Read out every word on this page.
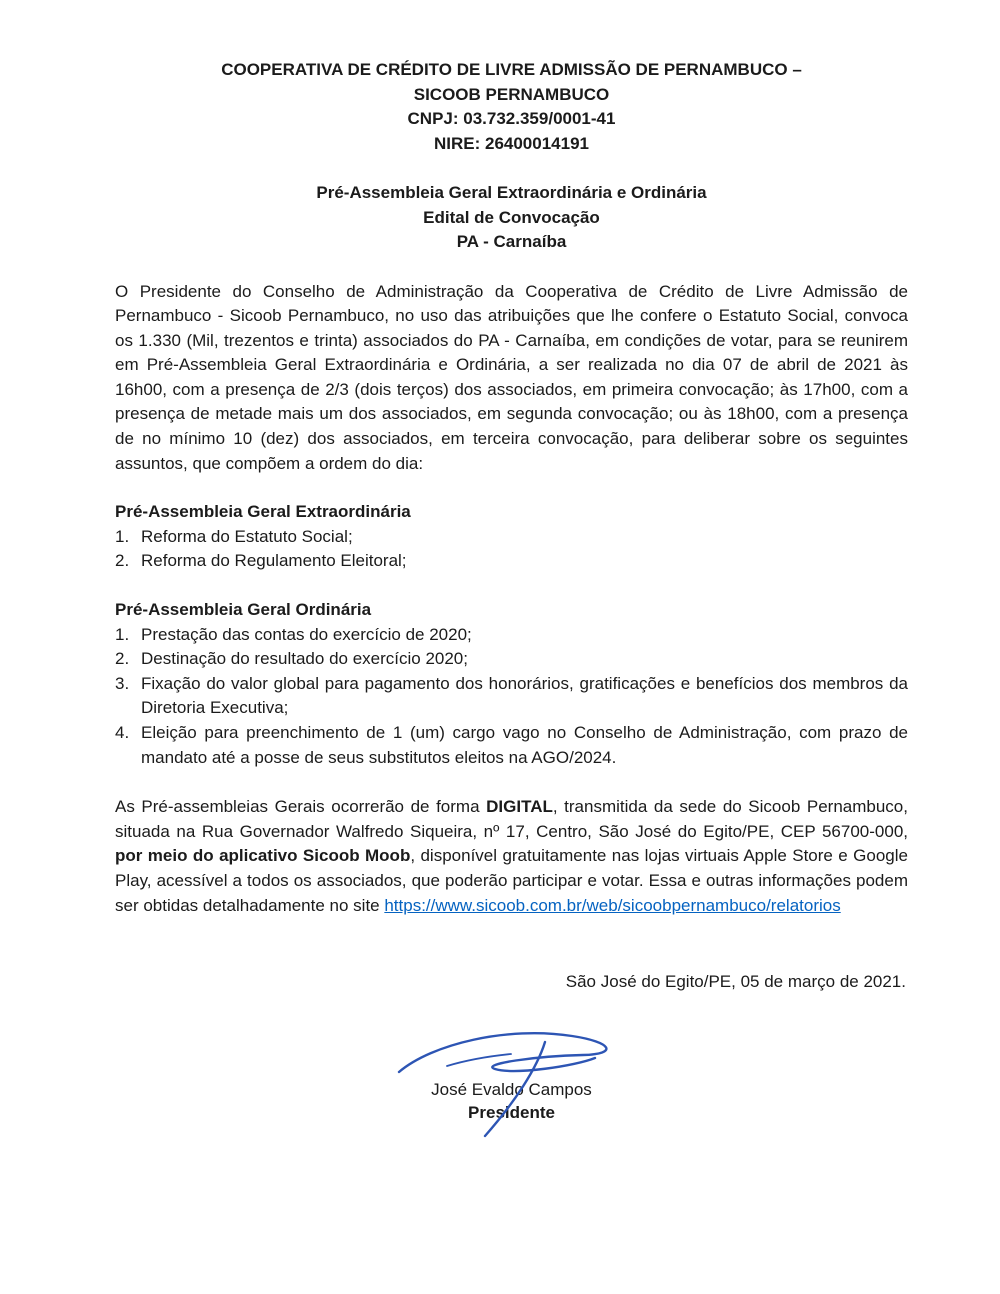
COOPERATIVA DE CRÉDITO DE LIVRE ADMISSÃO DE PERNAMBUCO –
SICOOB PERNAMBUCO
CNPJ: 03.732.359/0001-41
NIRE: 26400014191
Pré-Assembleia Geral Extraordinária e Ordinária
Edital de Convocação
PA - Carnaíba
O Presidente do Conselho de Administração da Cooperativa de Crédito de Livre Admissão de Pernambuco - Sicoob Pernambuco, no uso das atribuições que lhe confere o Estatuto Social, convoca os 1.330 (Mil, trezentos e trinta) associados do PA - Carnaíba, em condições de votar, para se reunirem em Pré-Assembleia Geral Extraordinária e Ordinária, a ser realizada no dia 07 de abril de 2021 às 16h00, com a presença de 2/3 (dois terços) dos associados, em primeira convocação; às 17h00, com a presença de metade mais um dos associados, em segunda convocação; ou às 18h00, com a presença de no mínimo 10 (dez) dos associados, em terceira convocação, para deliberar sobre os seguintes assuntos, que compõem a ordem do dia:
Pré-Assembleia Geral Extraordinária
1. Reforma do Estatuto Social;
2. Reforma do Regulamento Eleitoral;
Pré-Assembleia Geral Ordinária
1. Prestação das contas do exercício de 2020;
2. Destinação do resultado do exercício 2020;
3. Fixação do valor global para pagamento dos honorários, gratificações e benefícios dos membros da Diretoria Executiva;
4. Eleição para preenchimento de 1 (um) cargo vago no Conselho de Administração, com prazo de mandato até a posse de seus substitutos eleitos na AGO/2024.
As Pré-assembleias Gerais ocorrerão de forma DIGITAL, transmitida da sede do Sicoob Pernambuco, situada na Rua Governador Walfredo Siqueira, nº 17, Centro, São José do Egito/PE, CEP 56700-000, por meio do aplicativo Sicoob Moob, disponível gratuitamente nas lojas virtuais Apple Store e Google Play, acessível a todos os associados, que poderão participar e votar. Essa e outras informações podem ser obtidas detalhadamente no site https://www.sicoob.com.br/web/sicoobpernambuco/relatorios
São José do Egito/PE, 05 de março de 2021.
José Evaldo Campos
Presidente
